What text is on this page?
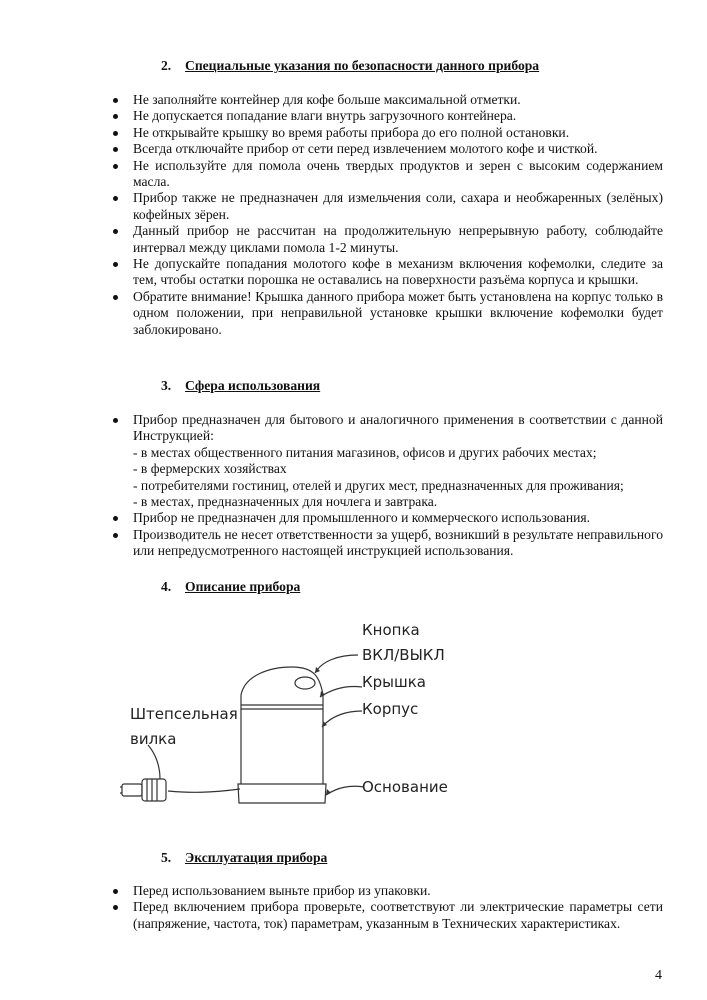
2. Специальные указания по безопасности данного прибора
Не заполняйте контейнер для кофе больше максимальной отметки.
Не допускается попадание влаги внутрь загрузочного контейнера.
Не открывайте крышку во время работы прибора до его полной остановки.
Всегда отключайте прибор от сети перед извлечением молотого кофе и чисткой.
Не используйте для помола очень твердых продуктов и зерен с высоким содержанием масла.
Прибор также не предназначен для измельчения соли, сахара и необжаренных (зелёных) кофейных зёрен.
Данный прибор не рассчитан на продолжительную непрерывную работу, соблюдайте интервал между циклами помола 1-2 минуты.
Не допускайте попадания молотого кофе в механизм включения кофемолки, следите за тем, чтобы остатки порошка не оставались на поверхности разъёма корпуса и крышки.
Обратите внимание! Крышка данного прибора может быть установлена на корпус только в одном положении, при неправильной установке крышки включение кофемолки будет заблокировано.
3. Сфера использования
Прибор предназначен для бытового и аналогичного применения в соответствии с данной Инструкцией:
- в местах общественного питания магазинов, офисов и других рабочих местах;
- в фермерских хозяйствах
- потребителями гостиниц, отелей и других мест, предназначенных для проживания;
- в местах, предназначенных для ночлега и завтрака.
Прибор не предназначен для промышленного и коммерческого использования.
Производитель не несет ответственности за ущерб, возникший в результате неправильного или непредусмотренного настоящей инструкцией использования.
4. Описание прибора
Кнопка
ВКЛ/ВЫКЛ
Крышка
Корпус
Основание
Штепсельная
вилка
5. Эксплуатация прибора
Перед использованием выньте прибор из упаковки.
Перед включением прибора проверьте, соответствуют ли электрические параметры сети (напряжение, частота, ток) параметрам, указанным в Технических характеристиках.
4
